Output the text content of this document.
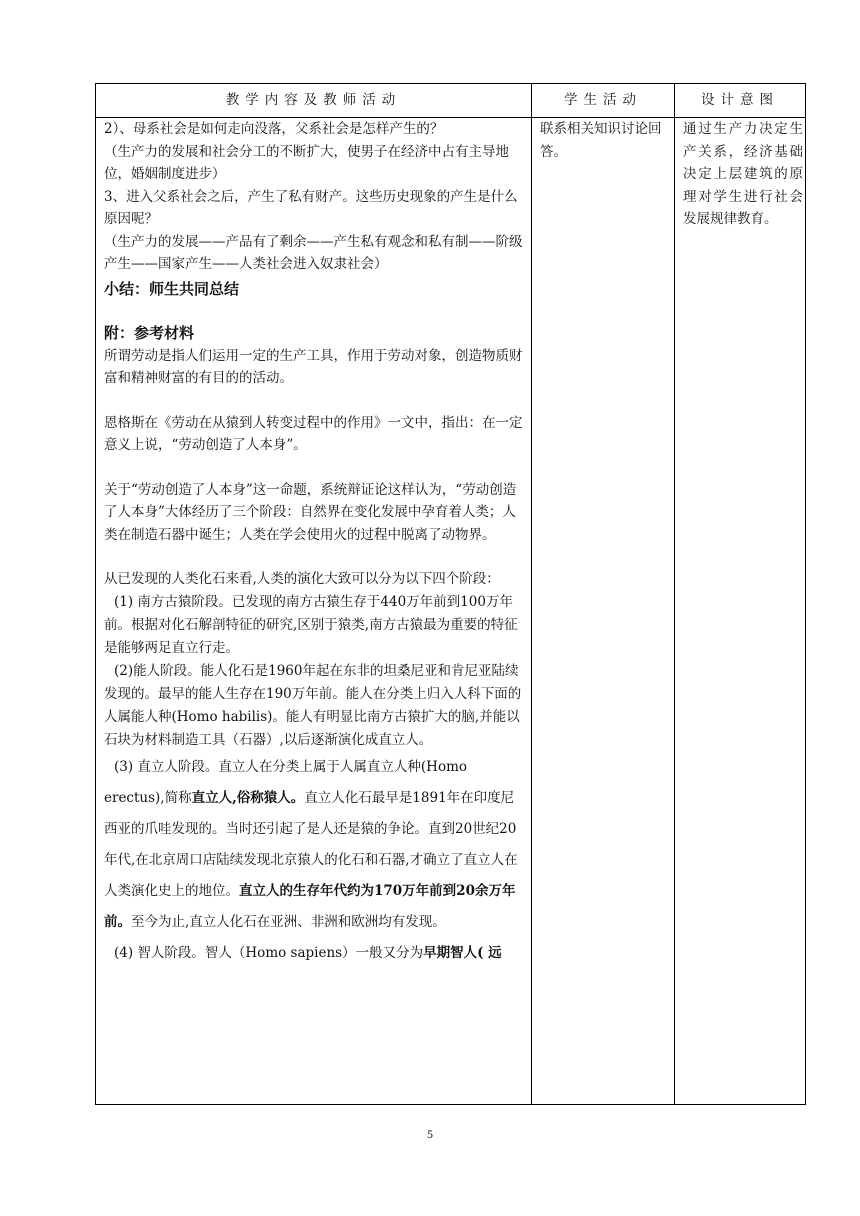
教学内容及教师活动	学生活动	设计意图

2）、母系社会是如何走向没落，父系社会是怎样产生的？

（生产力的发展和社会分工的不断扩大，使男子在经济中占有主导地位，婚姻制度进步）

3、进入父系社会之后，产生了私有财产。这些历史现象的产生是什么原因呢？

（生产力的发展——产品有了剩余——产生私有观念和私有制——阶级产生——国家产生——人类社会进入奴隶社会）

小结：师生共同总结

附：参考材料

所谓劳动是指人们运用一定的生产工具，作用于劳动对象，创造物质财富和精神财富的有目的的活动。

恩格斯在《劳动在从猿到人转变过程中的作用》一文中，指出：在一定意义上说，“劳动创造了人本身”。

关于“劳动创造了人本身”这一命题，系统辩证论这样认为，“劳动创造了人本身”大体经历了三个阶段：自然界在变化发展中孕育着人类；人类在制造石器中诞生；人类在学会使用火的过程中脱离了动物界。

从已发现的人类化石来看,人类的演化大致可以分为以下四个阶段：

(1) 南方古猿阶段。已发现的南方古猿生存于440万年前到100万年前。根据对化石解剖特征的研究,区别于猿类,南方古猿最为重要的特征是能够两足直立行走。

(2)能人阶段。能人化石是1960年起在东非的坦桑尼亚和肯尼亚陆续发现的。最早的能人生存在190万年前。能人在分类上归入人科下面的人属能人种(Homo habilis)。能人有明显比南方古猿扩大的脑,并能以石块为材料制造工具（石器）,以后逐渐演化成直立人。

(3) 直立人阶段。直立人在分类上属于人属直立人种(Homo erectus),简称直立人,俗称猿人。直立人化石最早是1891年在印度尼西亚的爪哇发现的。当时还引起了是人还是猿的争论。直到20世纪20年代,在北京周口店陆续发现北京猿人的化石和石器,才确立了直立人在人类演化史上的地位。直立人的生存年代约为170万年前到20余万年前。至今为止,直立人化石在亚洲、非洲和欧洲均有发现。

(4) 智人阶段。智人（Homo sapiens）一般又分为早期智人( 远

联系相关知识讨论回答。
通过生产力决定生产关系，经济基础决定上层建筑的原理对学生进行社会发展规律教育。
5
